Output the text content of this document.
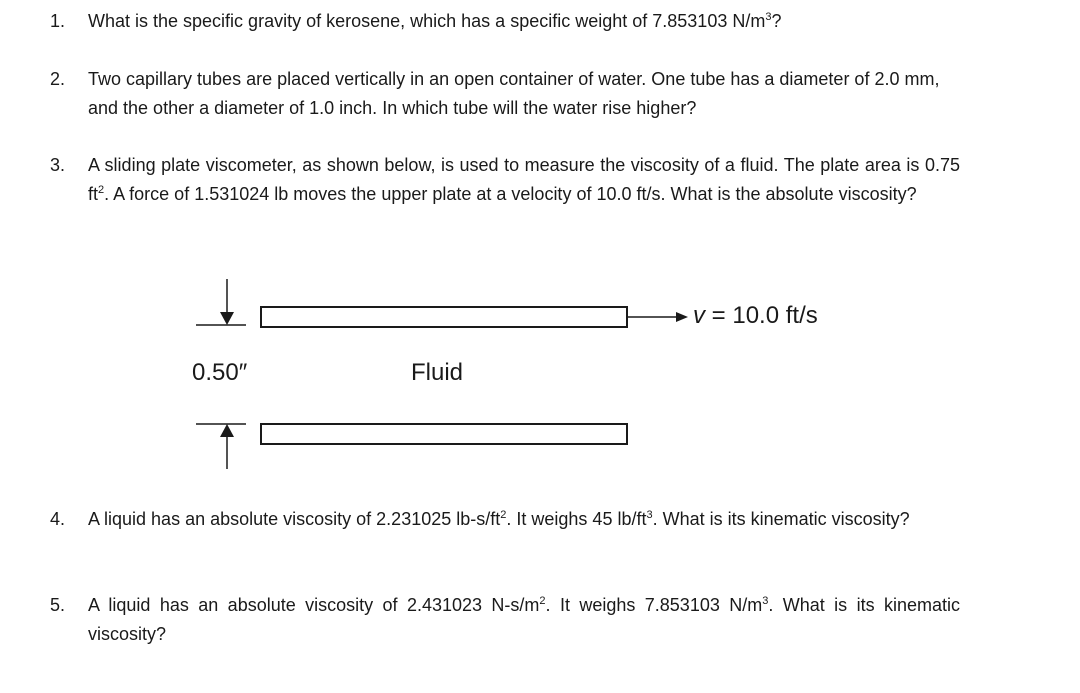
1.	What is the specific gravity of kerosene, which has a specific weight of 7.853103 $N/m^3$?
2.	Two capillary tubes are placed vertically in an open container of water. One tube has a diameter of 2.0 mm, and the other a diameter of 1.0 inch. In which tube will the water rise higher?
3.	A sliding plate viscometer, as shown below, is used to measure the viscosity of a fluid. The plate area is 0.75 $ft^2$. A force of 1.531024 lb moves the upper plate at a velocity of 10.0 ft/s. What is the absolute viscosity?
0.50″	Fluid
v = 10.0 ft/s
4.	A liquid has an absolute viscosity of 2.231025 $lb-s/ft^2$. It weighs 45 $lb/ft^3$. What is its kinematic viscosity?
5.	A liquid has an absolute viscosity of 2.431023 $N-s/m^2$. It weighs 7.853103 $N/m^3$. What is its kinematic viscosity?
